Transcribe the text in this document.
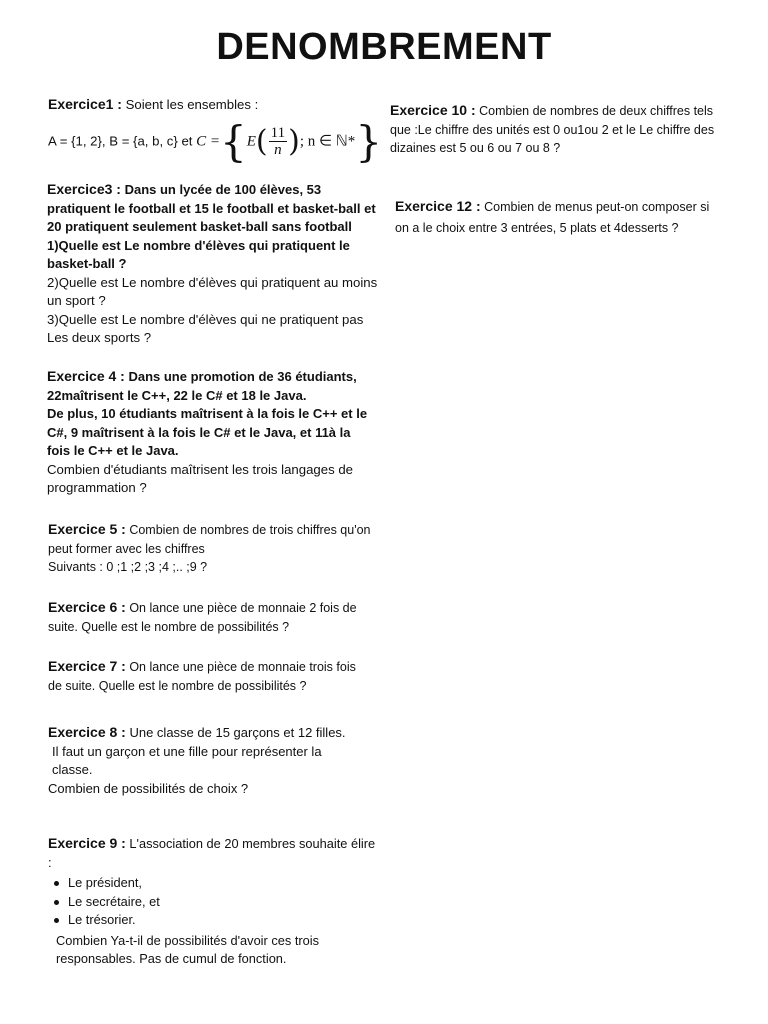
DENOMBREMENT

Exercice1 : Soient les ensembles :

A = {1, 2}, B = {a, b, c} et $C =\{E( \frac{11}{n}$ ); n ∈ ℕ*}

Exercice3 : Dans un lycée de 100 élèves, 53 pratiquent le football et 15 le football et basket-ball et 20 pratiquent seulement basket-ball sans football

1)Quelle est Le nombre d'élèves qui pratiquent le basket-ball ?

2)Quelle est Le nombre d'élèves qui pratiquent au moins un sport ?

3)Quelle est Le nombre d'élèves qui ne pratiquent pas Les deux sports ?

Exercice 4 : Dans une promotion de 36 étudiants, 22maîtrisent le C++, 22 le C# et 18 le Java.

De plus, 10 étudiants maîtrisent à la fois le C++ et le C#, 9 maîtrisent à la fois le C# et le Java, et 11à la fois le C++ et le Java.

Combien d'étudiants maîtrisent les trois langages de programmation ?

Exercice 5 : Combien de nombres de trois chiffres qu'on peut former avec les chiffres

Suivants : 0 ;1 ;2 ;3 ;4 ;.. ;9 ?

Exercice 6 : On lance une pièce de monnaie 2 fois de suite. Quelle est le nombre de possibilités ?

Exercice 7 : On lance une pièce de monnaie trois fois de suite. Quelle est le nombre de possibilités ?

Exercice 8 : Une classe de 15 garçons et 12 filles.

Il faut un garçon et une fille pour représenter la classe.

Combien de possibilités de choix ?

Exercice 9 : L'association de 20 membres souhaite élire :

Le président,
Le secrétaire, et
Le trésorier.

Combien Ya-t-il de possibilités d'avoir ces trois responsables. Pas de cumul de fonction.

Exercice 10 : Combien de nombres de deux chiffres tels que :Le chiffre des unités est 0 ou1ou 2 et le Le chiffre des dizaines est 5 ou 6 ou 7 ou 8 ?

Exercice 12 : Combien de menus peut-on composer si on a le choix entre 3 entrées, 5 plats et 4desserts ?
